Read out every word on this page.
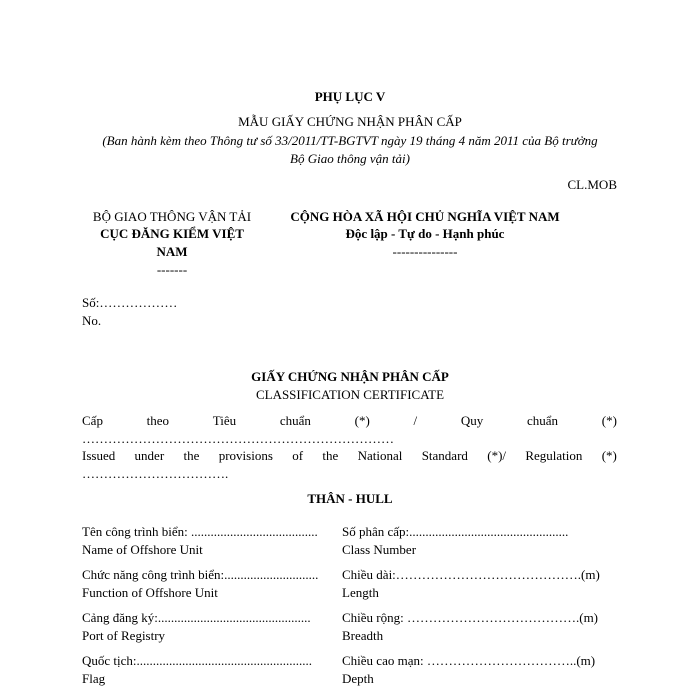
PHỤ LỤC V
MẪU GIẤY CHỨNG NHẬN PHÂN CẤP
(Ban hành kèm theo Thông tư số 33/2011/TT-BGTVT ngày 19 tháng 4 năm 2011 của Bộ trưởng
Bộ Giao thông vận tải)
CL.MOB
BỘ GIAO THÔNG VẬN TẢI
CỤC ĐĂNG KIỂM VIỆT
NAM
-------
CỘNG HÒA XÃ HỘI CHỦ NGHĨA VIỆT NAM
Độc lập - Tự do - Hạnh phúc
---------------
Số:………………
No.
GIẤY CHỨNG NHẬN PHÂN CẤP
CLASSIFICATION CERTIFICATE
Cấp	theo	Tiêu	chuẩn	(*)	/	Quy	chuẩn	(*)
………………………………………………………………
Issued under the provisions of the National Standard (*)/ Regulation (*)
…………………………….
THÂN - HULL
Tên công trình biển: .......................................
Name of Offshore Unit
Số phân cấp:.................................................
Class Number
Chức năng công trình biển:.............................
Function of Offshore Unit
Chiều dài:…………………………………….(m)
Length
Cảng đăng ký:...............................................
Port of Registry
Chiều rộng: ………………………………….(m)
Breadth
Quốc tịch:......................................................
Flag
Chiều cao mạn: ……………………………..(m)
Depth
